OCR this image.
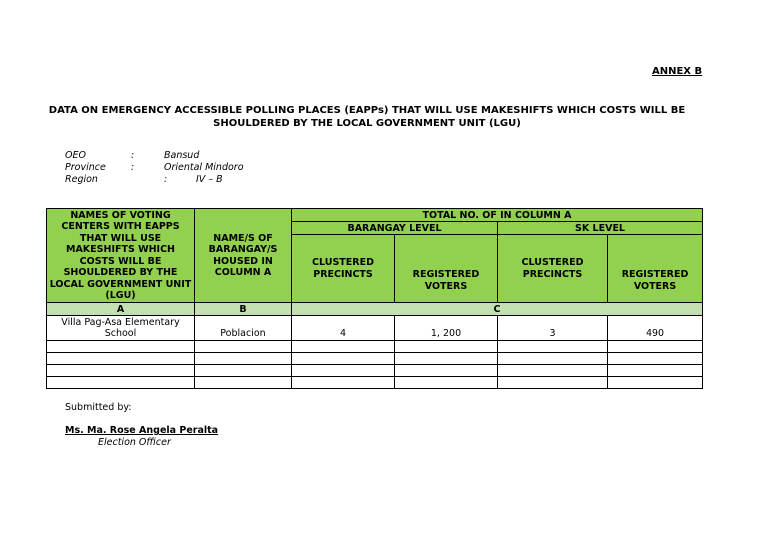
ANNEX B
DATA ON EMERGENCY ACCESSIBLE POLLING PLACES (EAPPs) THAT WILL USE MAKESHIFTS WHICH COSTS WILL BE
SHOULDERED BY THE LOCAL GOVERNMENT UNIT (LGU)
OEO	:	Bansud
Province	:	Oriental Mindoro
Region	:	IV – B
NAMES OF VOTING CENTERS WITH EAPPS THAT WILL USE MAKESHIFTS WHICH COSTS WILL BE SHOULDERED BY THE LOCAL GOVERNMENT UNIT (LGU)	NAME/S OF BARANGAY/S HOUSED IN COLUMN A	TOTAL NO. OF IN COLUMN A			
		BARANGAY LEVEL		SK LEVEL	
		CLUSTERED PRECINCTS	REGISTERED VOTERS	CLUSTERED PRECINCTS	REGISTERED VOTERS
A	B	C			
Villa Pag-Asa Elementary School	Poblacion	4	1, 200	3	490

Submitted by:
Ms. Ma. Rose Angela Peralta
Election Officer
